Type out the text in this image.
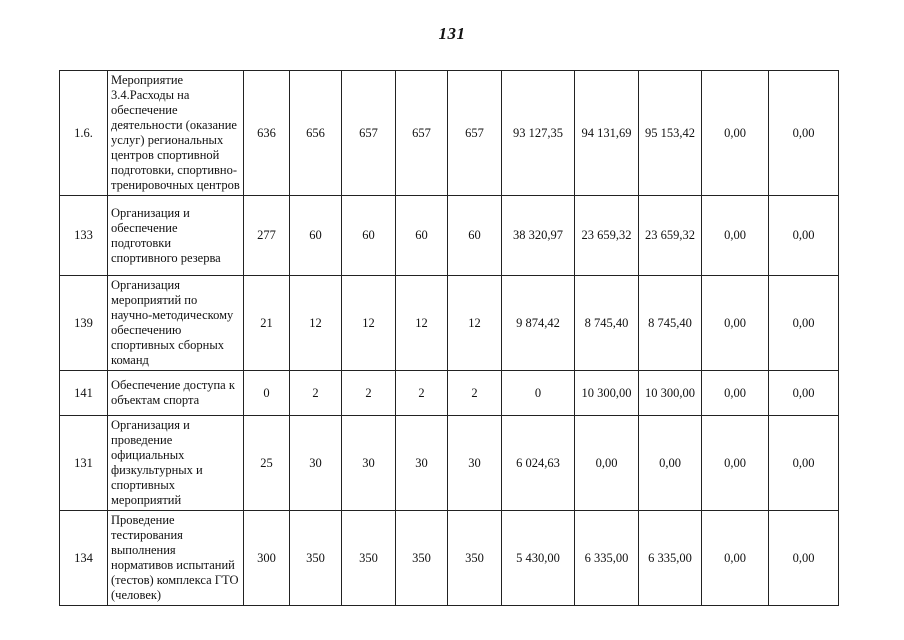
131
1.6.	Мероприятие 3.4.Расходы на обеспечение деятельности (оказание услуг) региональных центров спортивной подготовки, спортивно-тренировочных центров	636	656	657	657	657	93 127,35	94 131,69	95 153,42	0,00	0,00
133	Организация и обеспечение подготовки спортивного резерва	277	60	60	60	60	38 320,97	23 659,32	23 659,32	0,00	0,00
139	Организация мероприятий по научно-методическому обеспечению спортивных сборных команд	21	12	12	12	12	9 874,42	8 745,40	8 745,40	0,00	0,00
141	Обеспечение доступа к объектам спорта	0	2	2	2	2	0	10 300,00	10 300,00	0,00	0,00
131	Организация и проведение официальных физкультурных и спортивных мероприятий	25	30	30	30	30	6 024,63	0,00	0,00	0,00	0,00
134	Проведение тестирования выполнения нормативов испытаний (тестов) комплекса ГТО (человек)	300	350	350	350	350	5 430,00	6 335,00	6 335,00	0,00	0,00
